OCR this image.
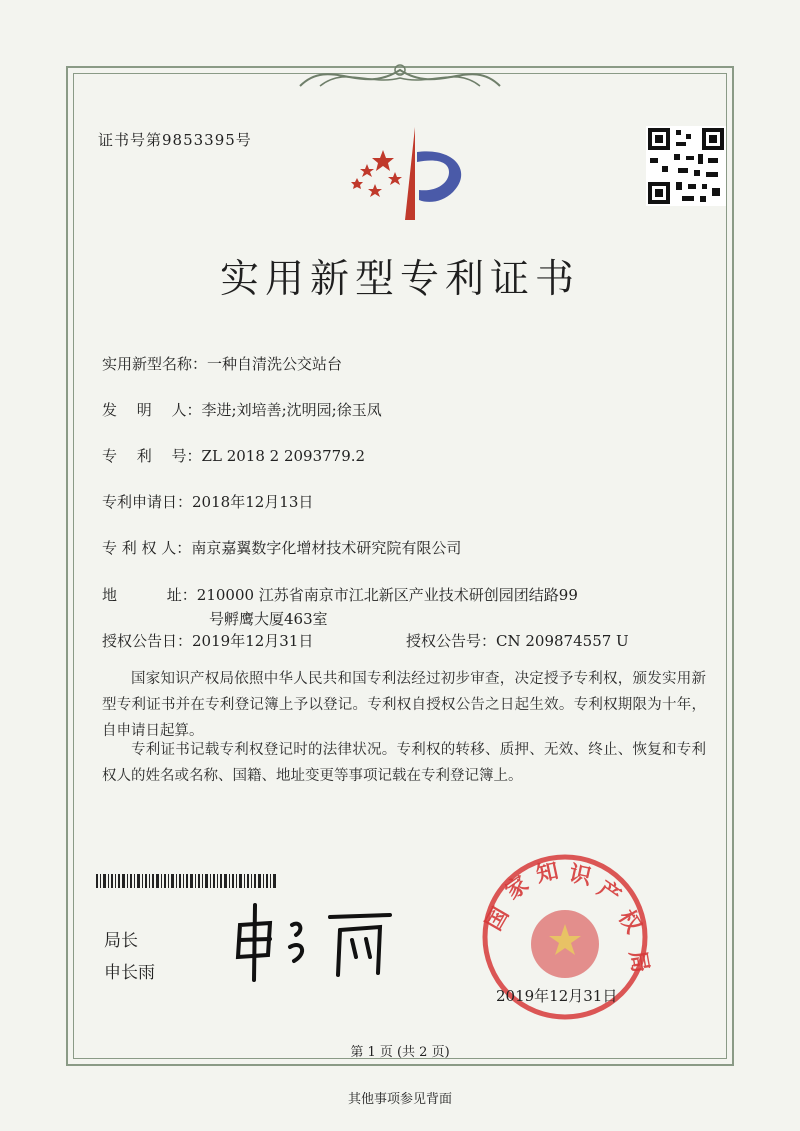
证书号第9853395号
实用新型专利证书
实用新型名称：一种自清洗公交站台
发　 明　 人：李进;刘培善;沈明园;徐玉凤
专　 利　 号：ZL 2018 2 2093779.2
专利申请日：2018年12月13日
专 利 权 人：南京嘉翼数字化增材技术研究院有限公司
地　　　 址：210000 江苏省南京市江北新区产业技术研创园团结路99
号孵鹰大厦463室
授权公告日：2019年12月31日	授权公告号：CN 209874557 U
国家知识产权局依照中华人民共和国专利法经过初步审查，决定授予专利权，颁发实用新型专利证书并在专利登记簿上予以登记。专利权自授权公告之日起生效。专利权期限为十年，自申请日起算。
专利证书记载专利权登记时的法律状况。专利权的转移、质押、无效、终止、恢复和专利权人的姓名或名称、国籍、地址变更等事项记载在专利登记簿上。
局长
申长雨
国
家 知 识
产
权
局
2019年12月31日
第 1 页 (共 2 页)
其他事项参见背面
